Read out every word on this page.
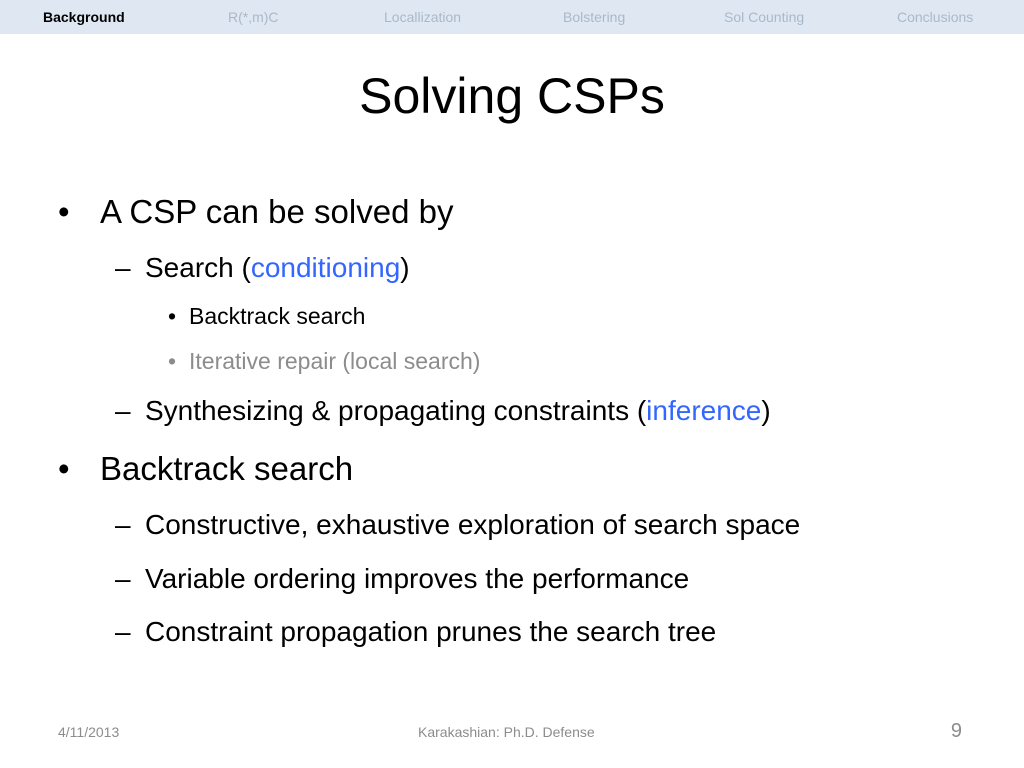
Background	R(*,m)C	Locallization	Bolstering	Sol Counting	Conclusions
Solving CSPs
• A CSP can be solved by
– Search (conditioning)
• Backtrack search
• Iterative repair (local search)
– Synthesizing & propagating constraints (inference)
• Backtrack search
– Constructive, exhaustive exploration of search space
– Variable ordering improves the performance
– Constraint propagation prunes the search tree
4/11/2013	Karakashian: Ph.D. Defense	9
